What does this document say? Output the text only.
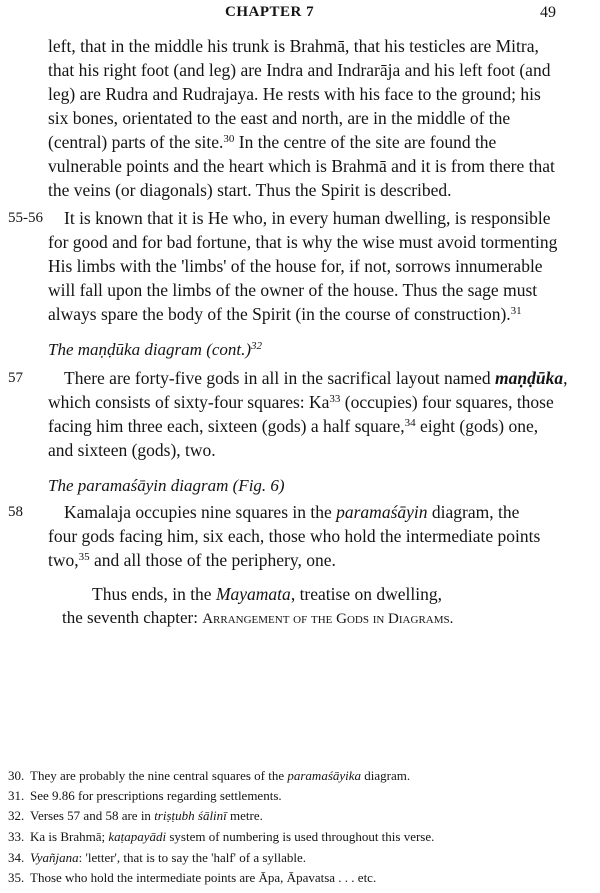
CHAPTER 7	49
left, that in the middle his trunk is Brahmā, that his testicles are Mitra,
that his right foot (and leg) are Indra and Indrarāja and his left foot (and
leg) are Rudra and Rudrajaya. He rests with his face to the ground; his
six bones, orientated to the east and north, are in the middle of the
(central) parts of the site.$^{30}$ In the centre of the site are found the
vulnerable points and the heart which is Brahmā and it is from there that
the veins (or diagonals) start. Thus the Spirit is described.
55-56 It is known that it is He who, in every human dwelling, is responsible
for good and for bad fortune, that is why the wise must avoid tormenting
His limbs with the 'limbs' of the house for, if not, sorrows innumerable
will fall upon the limbs of the owner of the house. Thus the sage must
always spare the body of the Spirit (in the course of construction).$^{31}$
The maṇḍūka diagram (cont.)$^{32}$
57 There are forty-five gods in all in the sacrifical layout named maṇḍūka,
which consists of sixty-four squares: Ka$^{33}$ (occupies) four squares, those
facing him three each, sixteen (gods) a half square,$^{34}$ eight (gods) one,
and sixteen (gods), two.
The paramaśāyin diagram (Fig. 6)
58 Kamalaja occupies nine squares in the paramaśāyin diagram, the
four gods facing him, six each, those who hold the intermediate points
two,$^{35}$ and all those of the periphery, one.
Thus ends, in the Mayamata, treatise on dwelling,
the seventh chapter: Arrangement of the Gods in Diagrams.
30. They are probably the nine central squares of the paramaśāyika diagram.
31. See 9.86 for prescriptions regarding settlements.
32. Verses 57 and 58 are in triṣṭubh śālinī metre.
33. Ka is Brahmā; kaṭapayādi system of numbering is used throughout this verse.
34. Vyañjana: 'letter', that is to say the 'half' of a syllable.
35. Those who hold the intermediate points are Āpa, Āpavatsa . . . etc.
